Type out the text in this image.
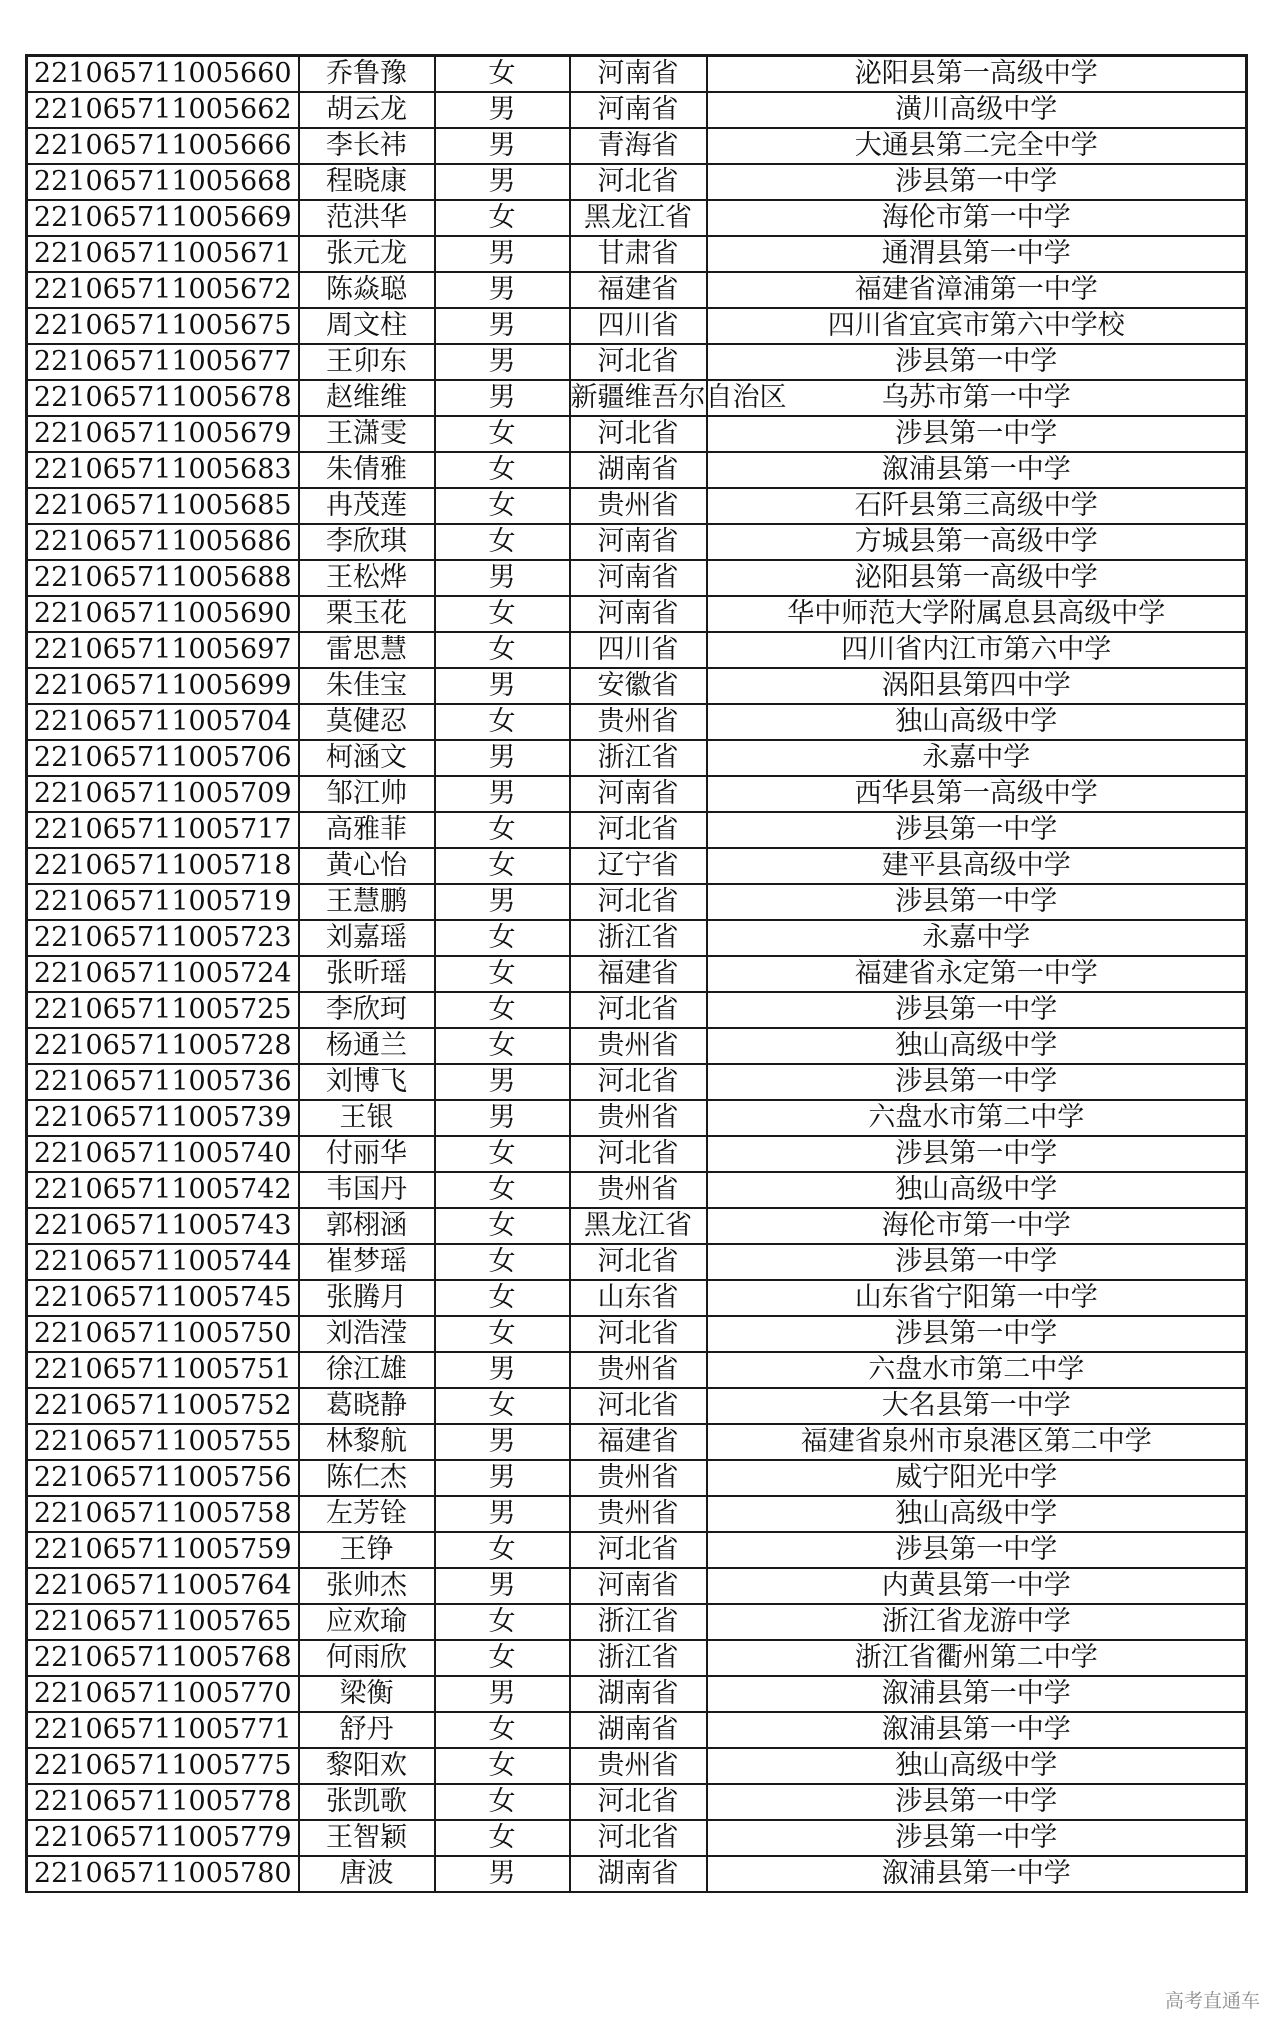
221065711005660	乔鲁豫	女	河南省	泌阳县第一高级中学
221065711005662	胡云龙	男	河南省	潢川高级中学
221065711005666	李长祎	男	青海省	大通县第二完全中学
221065711005668	程晓康	男	河北省	涉县第一中学
221065711005669	范洪华	女	黑龙江省	海伦市第一中学
221065711005671	张元龙	男	甘肃省	通渭县第一中学
221065711005672	陈焱聪	男	福建省	福建省漳浦第一中学
221065711005675	周文柱	男	四川省	四川省宜宾市第六中学校
221065711005677	王卯东	男	河北省	涉县第一中学
221065711005678	赵维维	男	新疆维吾尔自治区	乌苏市第一中学
221065711005679	王潇雯	女	河北省	涉县第一中学
221065711005683	朱倩雅	女	湖南省	溆浦县第一中学
221065711005685	冉茂莲	女	贵州省	石阡县第三高级中学
221065711005686	李欣琪	女	河南省	方城县第一高级中学
221065711005688	王松烨	男	河南省	泌阳县第一高级中学
221065711005690	栗玉花	女	河南省	华中师范大学附属息县高级中学
221065711005697	雷思慧	女	四川省	四川省内江市第六中学
221065711005699	朱佳宝	男	安徽省	涡阳县第四中学
221065711005704	莫健忍	女	贵州省	独山高级中学
221065711005706	柯涵文	男	浙江省	永嘉中学
221065711005709	邹江帅	男	河南省	西华县第一高级中学
221065711005717	高雅菲	女	河北省	涉县第一中学
221065711005718	黄心怡	女	辽宁省	建平县高级中学
221065711005719	王慧鹏	男	河北省	涉县第一中学
221065711005723	刘嘉瑶	女	浙江省	永嘉中学
221065711005724	张昕瑶	女	福建省	福建省永定第一中学
221065711005725	李欣珂	女	河北省	涉县第一中学
221065711005728	杨通兰	女	贵州省	独山高级中学
221065711005736	刘博飞	男	河北省	涉县第一中学
221065711005739	王银	男	贵州省	六盘水市第二中学
221065711005740	付丽华	女	河北省	涉县第一中学
221065711005742	韦国丹	女	贵州省	独山高级中学
221065711005743	郭栩涵	女	黑龙江省	海伦市第一中学
221065711005744	崔梦瑶	女	河北省	涉县第一中学
221065711005745	张腾月	女	山东省	山东省宁阳第一中学
221065711005750	刘浩滢	女	河北省	涉县第一中学
221065711005751	徐江雄	男	贵州省	六盘水市第二中学
221065711005752	葛晓静	女	河北省	大名县第一中学
221065711005755	林黎航	男	福建省	福建省泉州市泉港区第二中学
221065711005756	陈仁杰	男	贵州省	威宁阳光中学
221065711005758	左芳铨	男	贵州省	独山高级中学
221065711005759	王铮	女	河北省	涉县第一中学
221065711005764	张帅杰	男	河南省	内黄县第一中学
221065711005765	应欢瑜	女	浙江省	浙江省龙游中学
221065711005768	何雨欣	女	浙江省	浙江省衢州第二中学
221065711005770	梁衡	男	湖南省	溆浦县第一中学
221065711005771	舒丹	女	湖南省	溆浦县第一中学
221065711005775	黎阳欢	女	贵州省	独山高级中学
221065711005778	张凯歌	女	河北省	涉县第一中学
221065711005779	王智颖	女	河北省	涉县第一中学
221065711005780	唐波	男	湖南省	溆浦县第一中学
高考直通车
